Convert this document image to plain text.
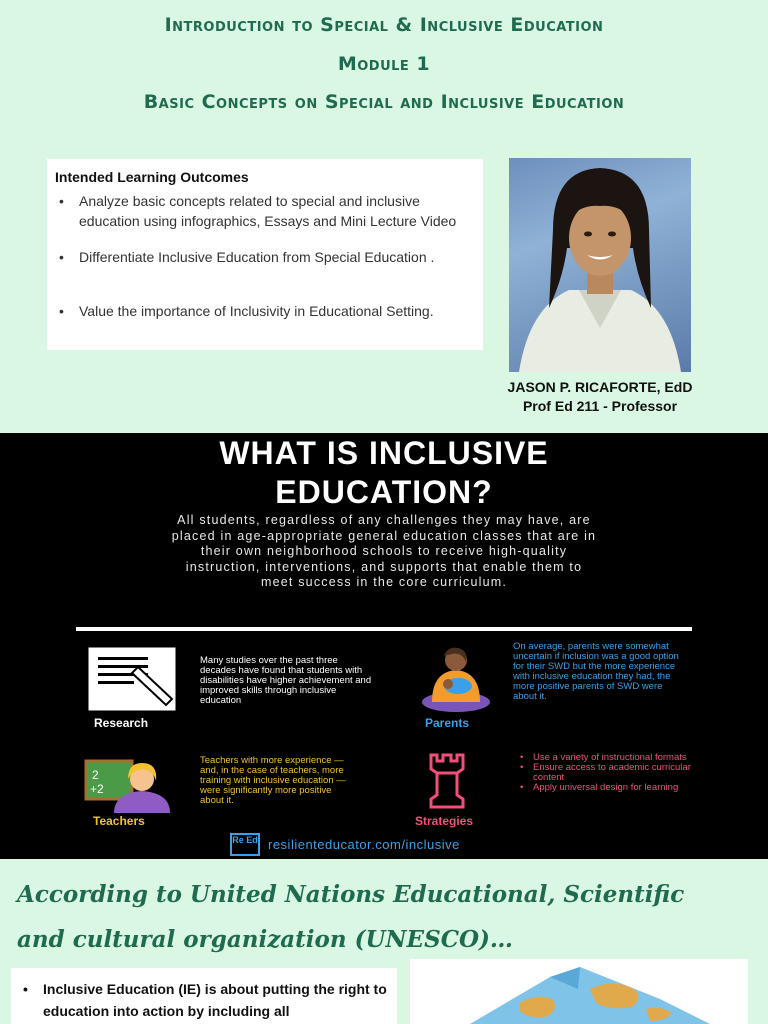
Introduction to Special & Inclusive Education
Module 1
Basic Concepts on Special and Inclusive Education
Intended Learning Outcomes
• Analyze basic concepts related to special and inclusive education using infographics, Essays and Mini Lecture Video
• Differentiate Inclusive Education from Special Education .
• Value the importance of Inclusivity in Educational Setting.
JASON P. RICAFORTE, EdD
Prof Ed 211 - Professor
WHAT IS INCLUSIVE
EDUCATION?
All students, regardless of any challenges they may have, are placed in age-appropriate general education classes that are in their own neighborhood schools to receive high-quality instruction, interventions, and supports that enable them to meet success in the core curriculum.
Research
Many studies over the past three decades have found that students with disabilities have higher achievement and improved skills through inclusive education
Parents
On average, parents were somewhat uncertain if inclusion was a good option for their SWD but the more experience with inclusive education they had, the more positive parents of SWD were about it.
2
+2
Teachers
Teachers with more experience — and, in the case of teachers, more training with inclusive education — were significantly more positive about it.
Strategies
• Use a variety of instructional formats
• Ensure access to academic curricular content
• Apply universal design for learning
Re Ed resilienteducator.com/inclusive
According to United Nations Educational, Scientific and cultural organization (UNESCO)…
• Inclusive Education (IE) is about putting the right to education into action by including all
